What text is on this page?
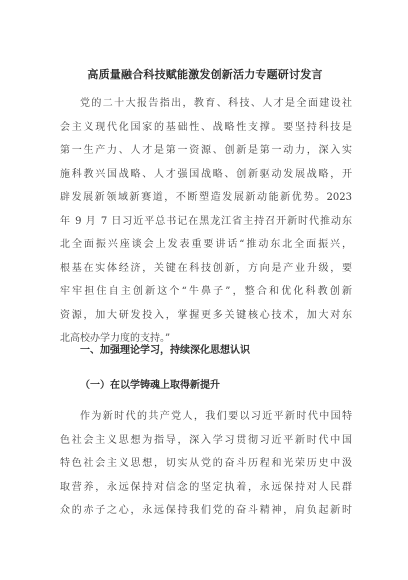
高质量融合科技赋能激发创新活力专题研讨发言
党的二十大报告指出，教育、科技、人才是全面建设社
会主义现代化国家的基础性、战略性支撑。要坚持科技是
第一生产力、人才是第一资源、创新是第一动力，深入实
施科教兴国战略、人才强国战略、创新驱动发展战略，开
辟发展新领域新赛道，不断塑造发展新动能新优势。2023
年 9 月 7 日习近平总书记在黑龙江省主持召开新时代推动东
北全面振兴座谈会上发表重要讲话“推动东北全面振兴，
根基在实体经济，关键在科技创新，方向是产业升级，要
牢牢担住自主创新这个“牛鼻子”，整合和优化科教创新
资源，加大研发投入，掌握更多关键核心技术，加大对东
北高校办学力度的支持。”
一、加强理论学习，持续深化思想认识
（一）在以学铸魂上取得新提升
作为新时代的共产党人，我们要以习近平新时代中国特
色社会主义思想为指导，深入学习贯彻习近平新时代中国
特色社会主义思想，切实从党的奋斗历程和光荣历史中汲
取营养，永远保持对信念的坚定执着，永远保持对人民群
众的赤子之心，永远保持我们党的奋斗精神，肩负起新时
